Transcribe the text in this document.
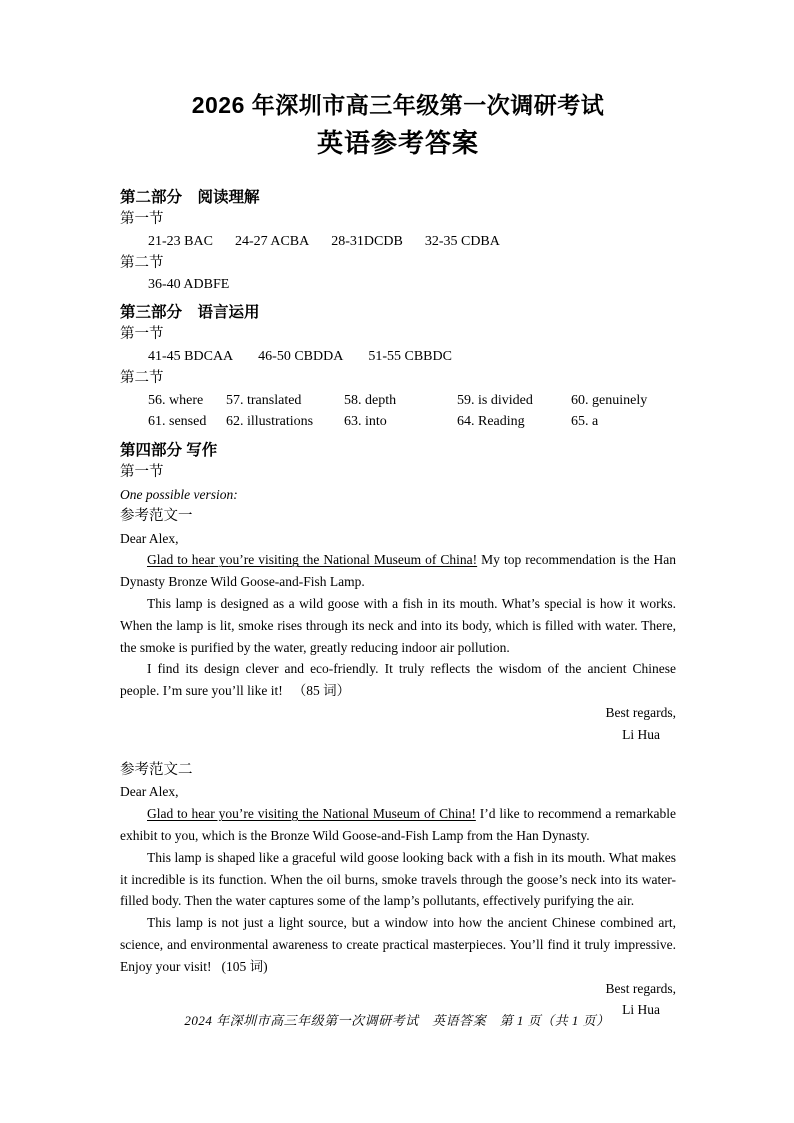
2026 年深圳市高三年级第一次调研考试
英语参考答案
第二部分　阅读理解
第一节
21-23 BAC 24-27 ACBA 28-31DCDB 32-35 CDBA
第二节
36-40 ADBFE
第三部分　语言运用
第一节
41-45 BDCAA 46-50 CBDDA 51-55 CBBDC
第二节
56. where	57. translated	58. depth	59. is divided	60. genuinely
61. sensed	62. illustrations	63. into	64. Reading	65. a
第四部分 写作
第一节
One possible version:
参考范文一
Dear Alex,

Glad to hear you’re visiting the National Museum of China! My top recommendation is the Han Dynasty Bronze Wild Goose-and-Fish Lamp.

This lamp is designed as a wild goose with a fish in its mouth. What’s special is how it works. When the lamp is lit, smoke rises through its neck and into its body, which is filled with water. There, the smoke is purified by the water, greatly reducing indoor air pollution.

I find its design clever and eco-friendly. It truly reflects the wisdom of the ancient Chinese people. I’m sure you’ll like it! （85 词）

Best regards,
Li Hua
参考范文二
Dear Alex,

Glad to hear you’re visiting the National Museum of China! I’d like to recommend a remarkable exhibit to you, which is the Bronze Wild Goose-and-Fish Lamp from the Han Dynasty.

This lamp is shaped like a graceful wild goose looking back with a fish in its mouth. What makes it incredible is its function. When the oil burns, smoke travels through the goose’s neck into its water-filled body. Then the water captures some of the lamp’s pollutants, effectively purifying the air.

This lamp is not just a light source, but a window into how the ancient Chinese combined art, science, and environmental awareness to create practical masterpieces. You’ll find it truly impressive. Enjoy your visit! (105 词)

Best regards,
Li Hua
2024 年深圳市高三年级第一次调研考试　英语答案　第 1 页（共 1 页）
